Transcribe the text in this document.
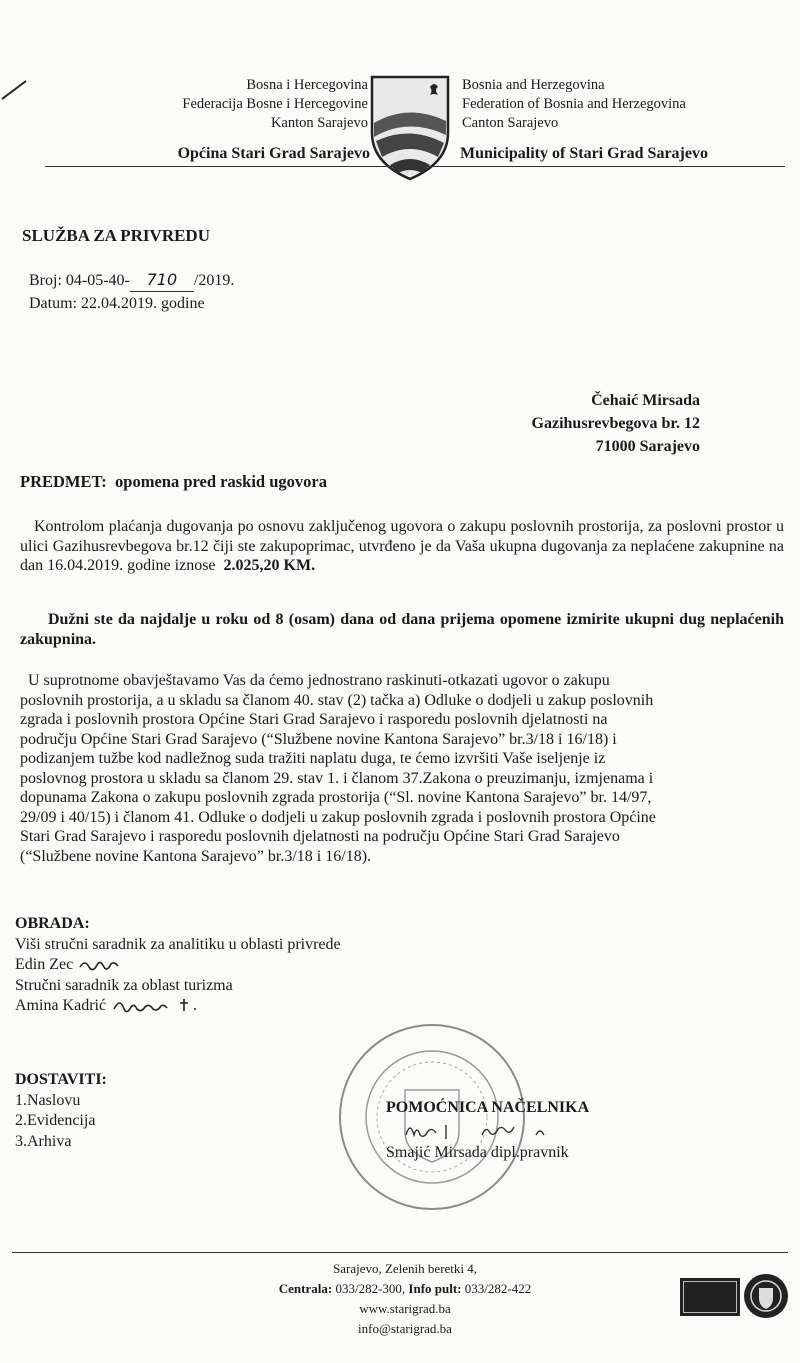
Bosna i Hercegovina
Federacija Bosne i Hercegovine
Kanton Sarajevo
Općina Stari Grad Sarajevo
Bosnia and Herzegovina
Federation of Bosnia and Herzegovina
Canton Sarajevo
Municipality of Stari Grad Sarajevo
SLUŽBA ZA PRIVREDU
Broj: 04-05-40- 710 /2019.
Datum: 22.04.2019. godine
Čehaić Mirsada
Gazihusrevbegova br. 12
71000 Sarajevo
PREDMET: opomena pred raskid ugovora
Kontrolom plaćanja dugovanja po osnovu zaključenog ugovora o zakupu poslovnih prostorija, za poslovni prostor u ulici Gazihusrevbegova br.12 čiji ste zakupoprimac, utvrđeno je da Vaša ukupna dugovanja za neplaćene zakupnine na dan 16.04.2019. godine iznose 2.025,20 KM.
Dužni ste da najdalje u roku od 8 (osam) dana od dana prijema opomene izmirite ukupni dug neplaćenih zakupnina.
U suprotnome obavještavamo Vas da ćemo jednostrano raskinuti-otkazati ugovor o zakupu
poslovnih prostorija, a u skladu sa članom 40. stav (2) tačka a) Odluke o dodjeli u zakup poslovnih
zgrada i poslovnih prostora Općine Stari Grad Sarajevo i rasporedu poslovnih djelatnosti na
području Općine Stari Grad Sarajevo (“Službene novine Kantona Sarajevo” br.3/18 i 16/18) i
podizanjem tužbe kod nadležnog suda tražiti naplatu duga, te ćemo izvršiti Vaše iseljenje iz
poslovnog prostora u skladu sa članom 29. stav 1. i članom 37.Zakona o preuzimanju, izmjenama i
dopunama Zakona o zakupu poslovnih zgrada prostorija (“Sl. novine Kantona Sarajevo” br. 14/97,
29/09 i 40/15) i članom 41. Odluke o dodjeli u zakup poslovnih zgrada i poslovnih prostora Općine
Stari Grad Sarajevo i rasporedu poslovnih djelatnosti na području Općine Stari Grad Sarajevo
(“Službene novine Kantona Sarajevo” br.3/18 i 16/18).
OBRADA:
Viši stručni saradnik za analitiku u oblasti privrede
Edin Zec
Stručni saradnik za oblast turizma
Amina Kadrić
DOSTAVITI:
1.Naslovu
2.Evidencija
3.Arhiva
POMOĆNICA NAČELNIKA
Smajić Mirsada dipl.pravnik
Sarajevo, Zelenih beretki 4,
Centrala: 033/282-300, Info pult: 033/282-422
www.starigrad.ba
info@starigrad.ba
